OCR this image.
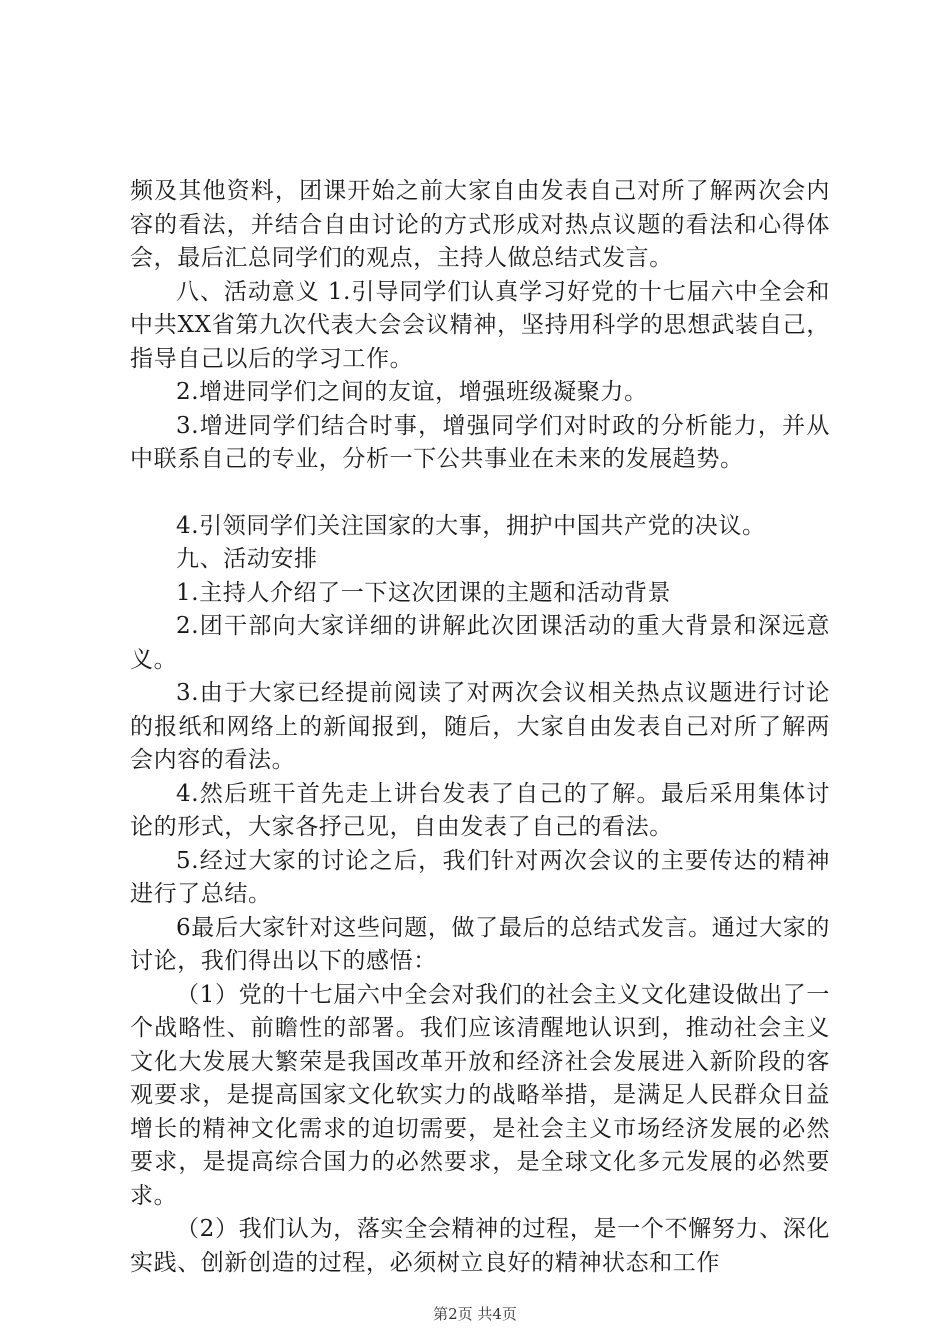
频及其他资料，团课开始之前大家自由发表自己对所了解两次会内容的看法，并结合自由讨论的方式形成对热点议题的看法和心得体会，最后汇总同学们的观点，主持人做总结式发言。

八、活动意义 1.引导同学们认真学习好党的十七届六中全会和中共XX省第九次代表大会会议精神，坚持用科学的思想武装自己，指导自己以后的学习工作。

2.增进同学们之间的友谊，增强班级凝聚力。

3.增进同学们结合时事，增强同学们对时政的分析能力，并从中联系自己的专业，分析一下公共事业在未来的发展趋势。

4.引领同学们关注国家的大事，拥护中国共产党的决议。

九、活动安排

1.主持人介绍了一下这次团课的主题和活动背景

2.团干部向大家详细的讲解此次团课活动的重大背景和深远意义。

3.由于大家已经提前阅读了对两次会议相关热点议题进行讨论的报纸和网络上的新闻报到，随后，大家自由发表自己对所了解两会内容的看法。

4.然后班干首先走上讲台发表了自己的了解。最后采用集体讨论的形式，大家各抒己见，自由发表了自己的看法。

5.经过大家的讨论之后，我们针对两次会议的主要传达的精神进行了总结。

6最后大家针对这些问题，做了最后的总结式发言。通过大家的讨论，我们得出以下的感悟：

（1）党的十七届六中全会对我们的社会主义文化建设做出了一个战略性、前瞻性的部署。我们应该清醒地认识到，推动社会主义文化大发展大繁荣是我国改革开放和经济社会发展进入新阶段的客观要求，是提高国家文化软实力的战略举措，是满足人民群众日益增长的精神文化需求的迫切需要，是社会主义市场经济发展的必然要求，是提高综合国力的必然要求，是全球文化多元发展的必然要求。

（2）我们认为，落实全会精神的过程，是一个不懈努力、深化实践、创新创造的过程，必须树立良好的精神状态和工作

第2页 共4页
